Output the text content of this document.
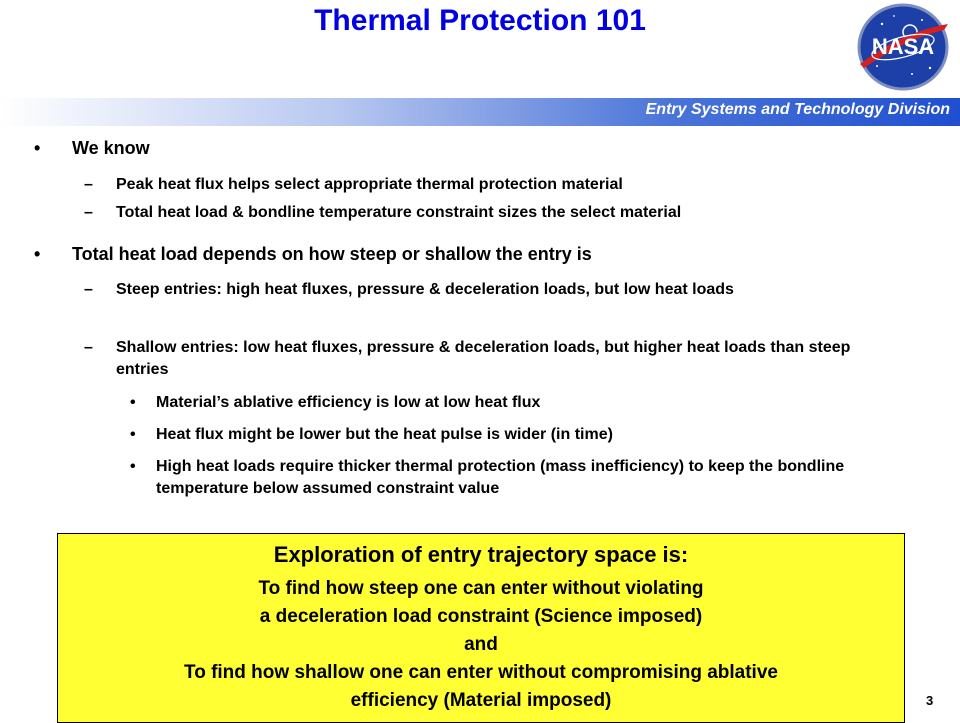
Thermal Protection 101
NASA
Entry Systems and Technology Division
• We know
– Peak heat flux helps select appropriate thermal protection material
– Total heat load & bondline temperature constraint sizes the select material
• Total heat load depends on how steep or shallow the entry is
– Steep entries: high heat fluxes, pressure & deceleration loads, but low heat loads
– Shallow entries: low heat fluxes, pressure & deceleration loads, but higher heat loads than steep entries
• Material’s ablative efficiency is low at low heat flux
• Heat flux might be lower but the heat pulse is wider (in time)
• High heat loads require thicker thermal protection (mass inefficiency) to keep the bondline temperature below assumed constraint value
Exploration of entry trajectory space is:
To find how steep one can enter without violating
a deceleration load constraint (Science imposed)
and
To find how shallow one can enter without compromising ablative
efficiency (Material imposed)	3
